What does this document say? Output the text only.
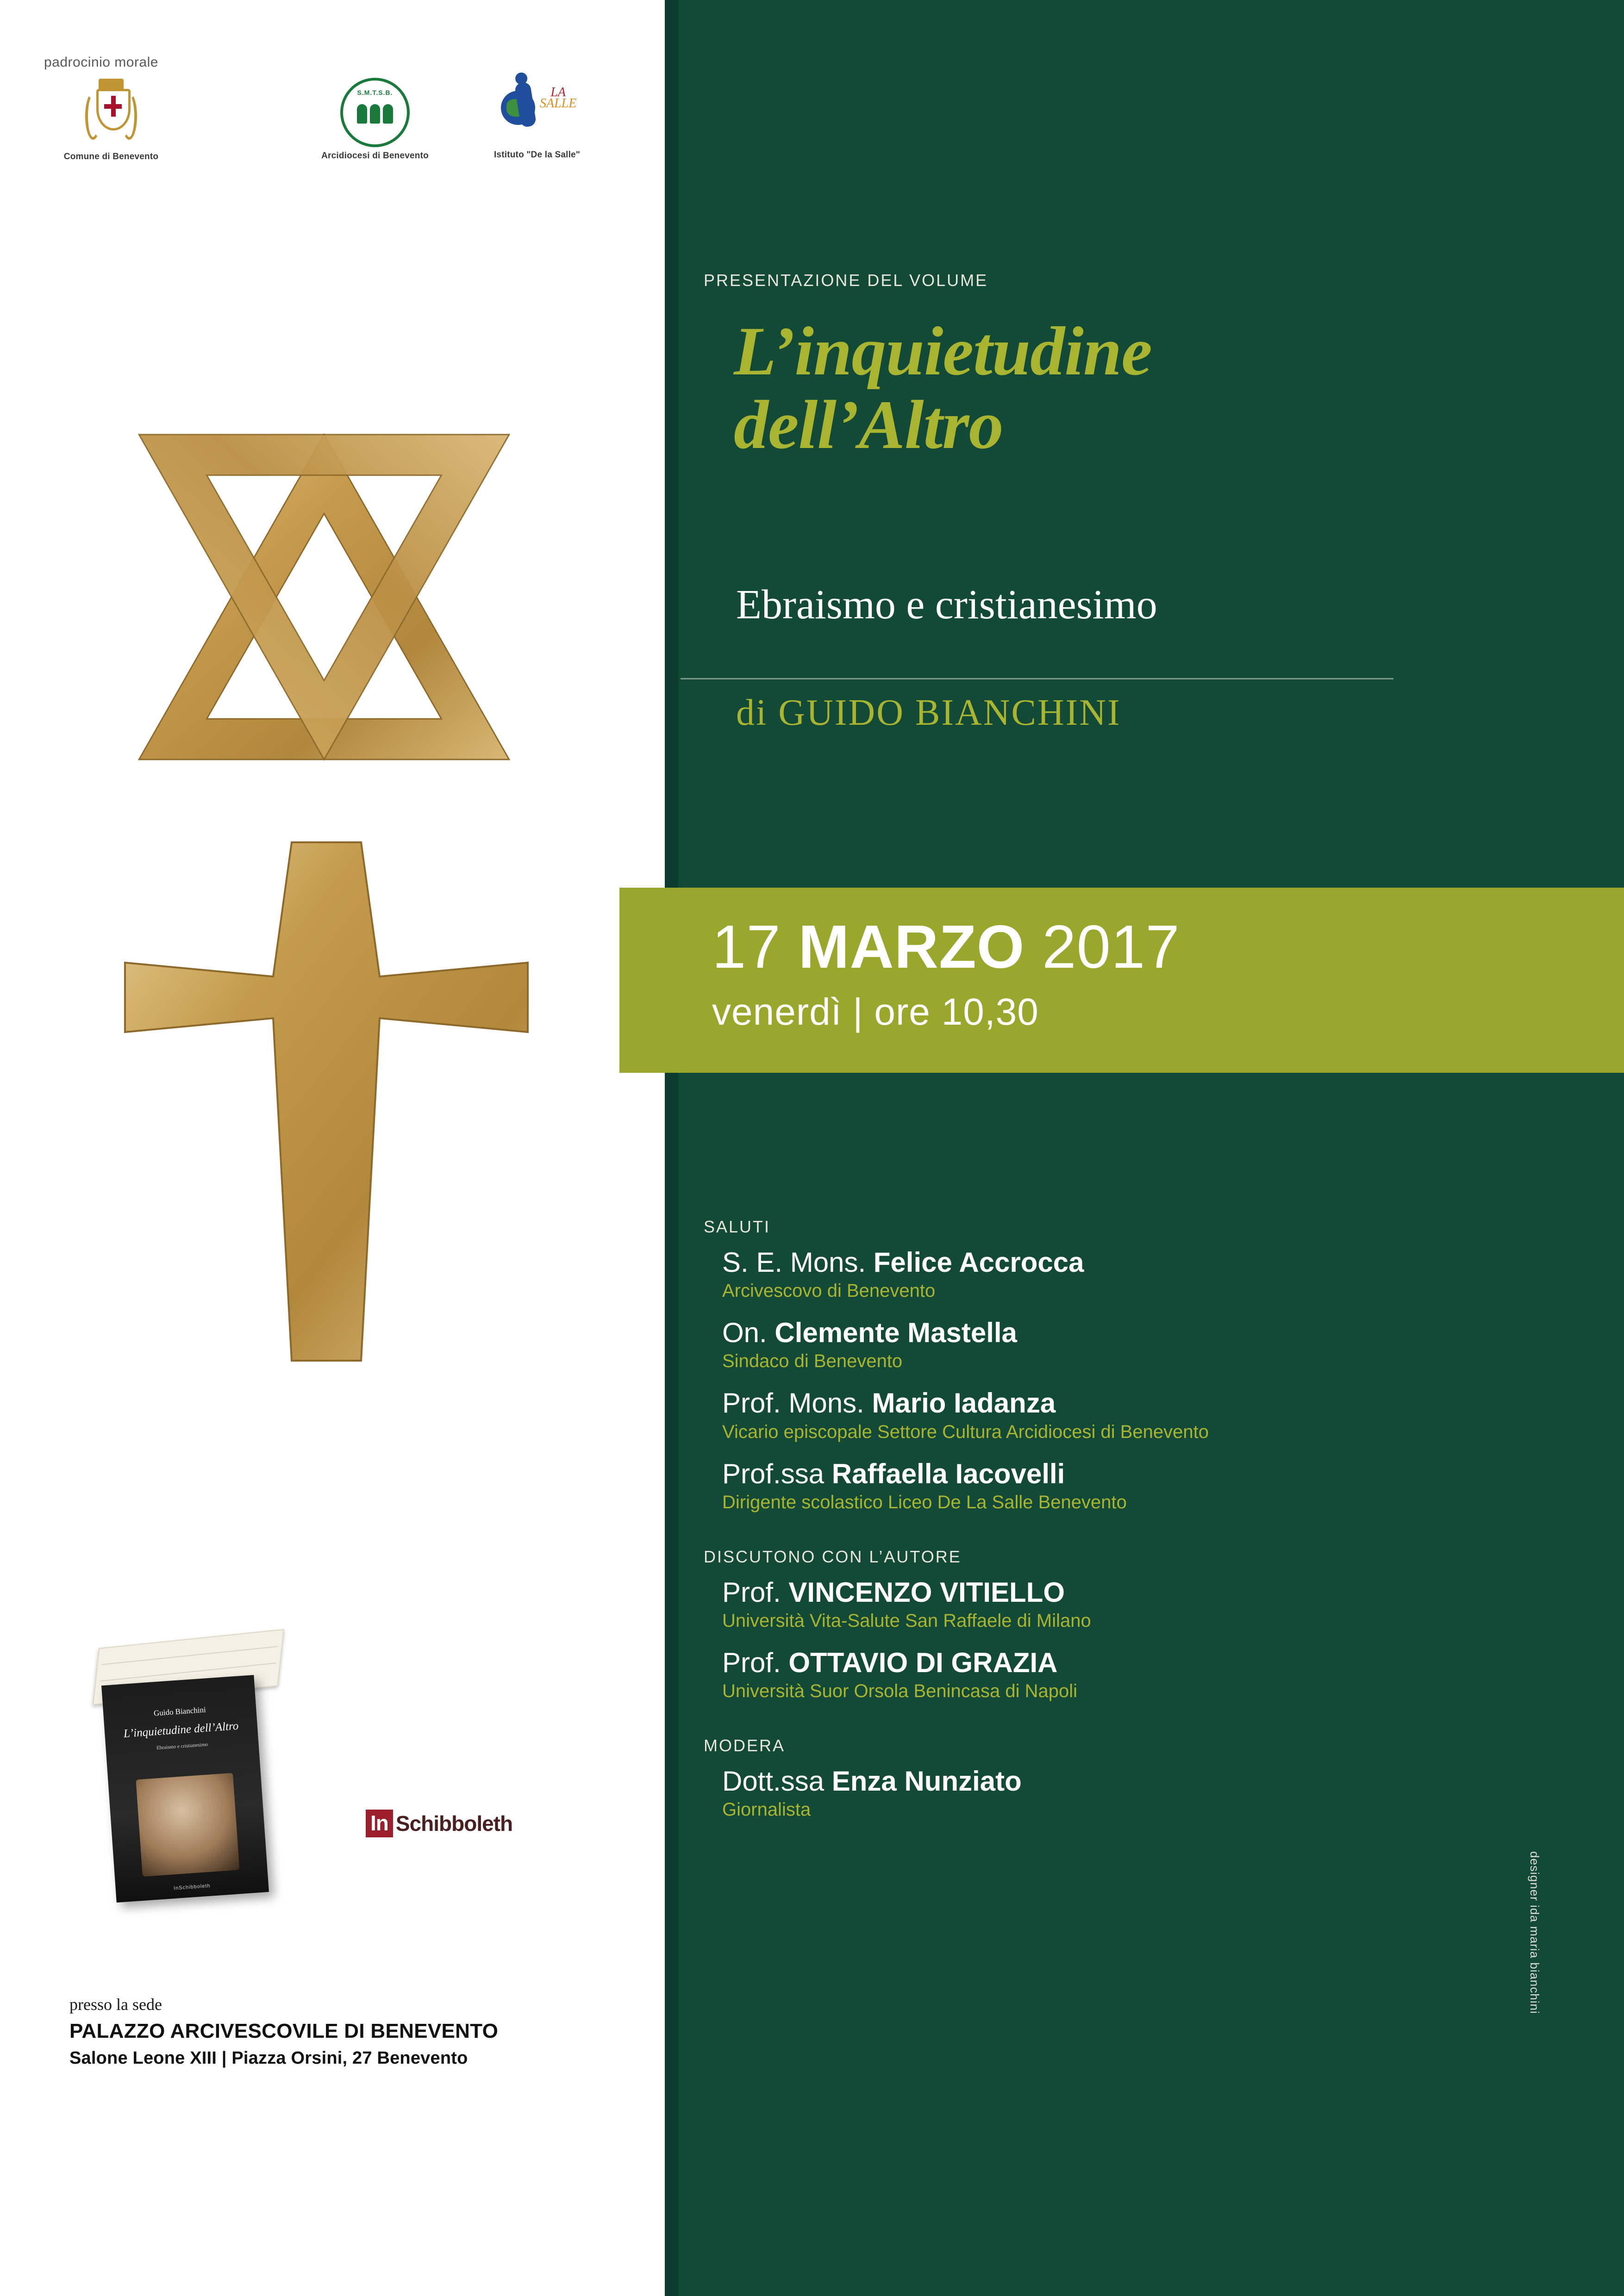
padrocinio morale
Comune di Benevento
S.M.T.S.B.
Arcidiocesi di Benevento
LA
SALLE
Istituto "De la Salle"
Guido Bianchini
L’inquietudine dell’Altro
Ebraismo e cristianesimo
InSchibboleth
In Schibboleth
presso la sede
PALAZZO ARCIVESCOVILE DI BENEVENTO
Salone Leone XIII | Piazza Orsini, 27 Benevento
PRESENTAZIONE DEL VOLUME
L’inquietudine
dell’Altro
Ebraismo e cristianesimo
di GUIDO BIANCHINI
17 MARZO 2017
venerdì | ore 10,30
SALUTI
S. E. Mons. Felice Accrocca
Arcivescovo di Benevento
On. Clemente Mastella
Sindaco di Benevento
Prof. Mons. Mario Iadanza
Vicario episcopale Settore Cultura Arcidiocesi di Benevento
Prof.ssa Raffaella Iacovelli
Dirigente scolastico Liceo De La Salle Benevento
DISCUTONO CON L’AUTORE
Prof. VINCENZO VITIELLO
Università Vita-Salute San Raffaele di Milano
Prof. OTTAVIO DI GRAZIA
Università Suor Orsola Benincasa di Napoli
MODERA
Dott.ssa Enza Nunziato
Giornalista
designer ida maria bianchini
